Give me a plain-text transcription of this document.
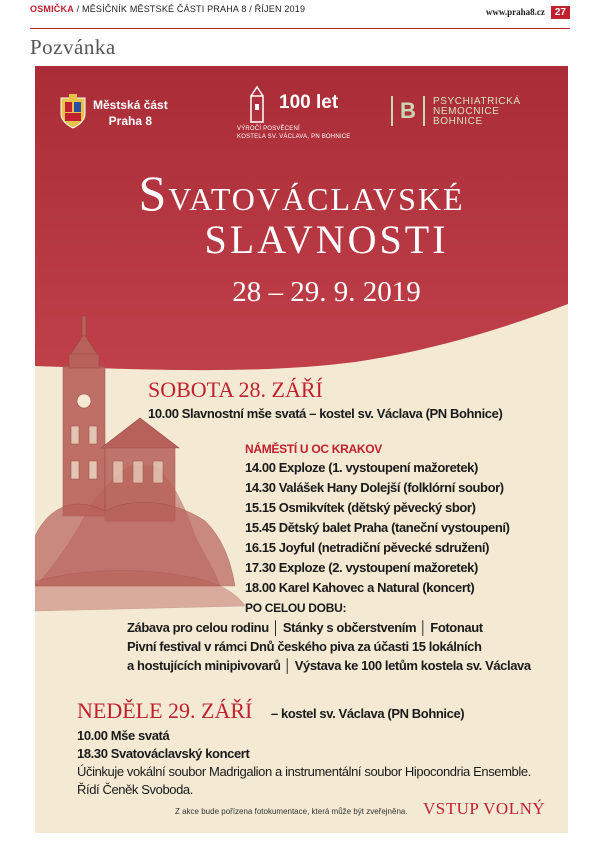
OSMIČKA / MĚSÍČNÍK MĚSTSKÉ ČÁSTI PRAHA 8 / ŘÍJEN 2019	www.praha8.cz	27
Pozvánka
Městská část
Praha 8
100 let
VÝROČÍ POSVĚCENÍ
KOSTELA SV. VÁCLAVA, PN BOHNICE
B	PSYCHIATRICKÁ
NEMOCNICE
BOHNICE
SVATOVÁCLAVSKÉ
SLAVNOSTI
28 – 29. 9. 2019
SOBOTA 28. ZÁŘÍ
10.00 Slavnostní mše svatá – kostel sv. Václava (PN Bohnice)
NÁMĚSTÍ U OC KRAKOV
14.00 Exploze (1. vystoupení mažoretek)
14.30 Valášek Hany Dolejší (folklórní soubor)
15.15 Osmikvítek (dětský pěvecký sbor)
15.45 Dětský balet Praha (taneční vystoupení)
16.15 Joyful (netradiční pěvecké sdružení)
17.30 Exploze (2. vystoupení mažoretek)
18.00 Karel Kahovec a Natural (koncert)
PO CELOU DOBU:
Zábava pro celou rodinu │ Stánky s občerstvením │ Fotonaut
Pivní festival v rámci Dnů českého piva za účasti 15 lokálních
a hostujících minipivovarů │ Výstava ke 100 letům kostela sv. Václava
NEDĚLE 29. ZÁŘÍ – kostel sv. Václava (PN Bohnice)
10.00 Mše svatá
18.30 Svatováclavský koncert
Účinkuje vokální soubor Madrigalion a instrumentální soubor Hipocondria Ensemble.
Řídí Čeněk Svoboda.
Z akce bude pořízena fotokumentace, která může být zveřejněna. VSTUP VOLNÝ
